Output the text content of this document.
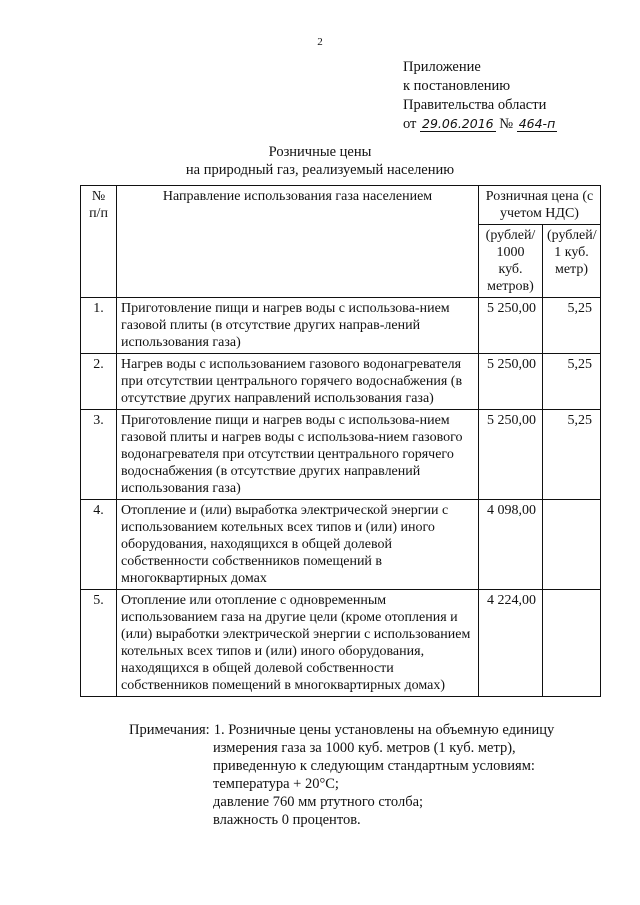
2
Приложение
к постановлению
Правительства области
от 29.06.2016 № 464-п
Розничные цены
на природный газ, реализуемый населению
№ п/п	Направление использования газа населением	Розничная цена (с учетом НДС)	
		(рублей/ 1000 куб. метров)	(рублей/ 1 куб. метр)
1.	Приготовление пищи и нагрев воды с использова-нием газовой плиты (в отсутствие других направ-лений использования газа)	5 250,00	5,25
2.	Нагрев воды с использованием газового водонагревателя при отсутствии центрального горячего водоснабжения (в отсутствие других направлений использования газа)	5 250,00	5,25
3.	Приготовление пищи и нагрев воды с использова-нием газовой плиты и нагрев воды с использова-нием газового водонагревателя при отсутствии центрального горячего водоснабжения (в отсутствие других направлений использования газа)	5 250,00	5,25
4.	Отопление и (или) выработка электрической энергии с использованием котельных всех типов и (или) иного оборудования, находящихся в общей долевой собственности собственников помещений в многоквартирных домах	4 098,00	
5.	Отопление или отопление с одновременным использованием газа на другие цели (кроме отопления и (или) выработки электрической энергии с использованием котельных всех типов и (или) иного оборудования, находящихся в общей долевой собственности собственников помещений в многоквартирных домах)	4 224,00	
Примечания: 1. Розничные цены установлены на объемную единицу
измерения газа за 1000 куб. метров (1 куб. метр),
приведенную к следующим стандартным условиям:
температура + 20°С;
давление 760 мм ртутного столба;
влажность 0 процентов.
